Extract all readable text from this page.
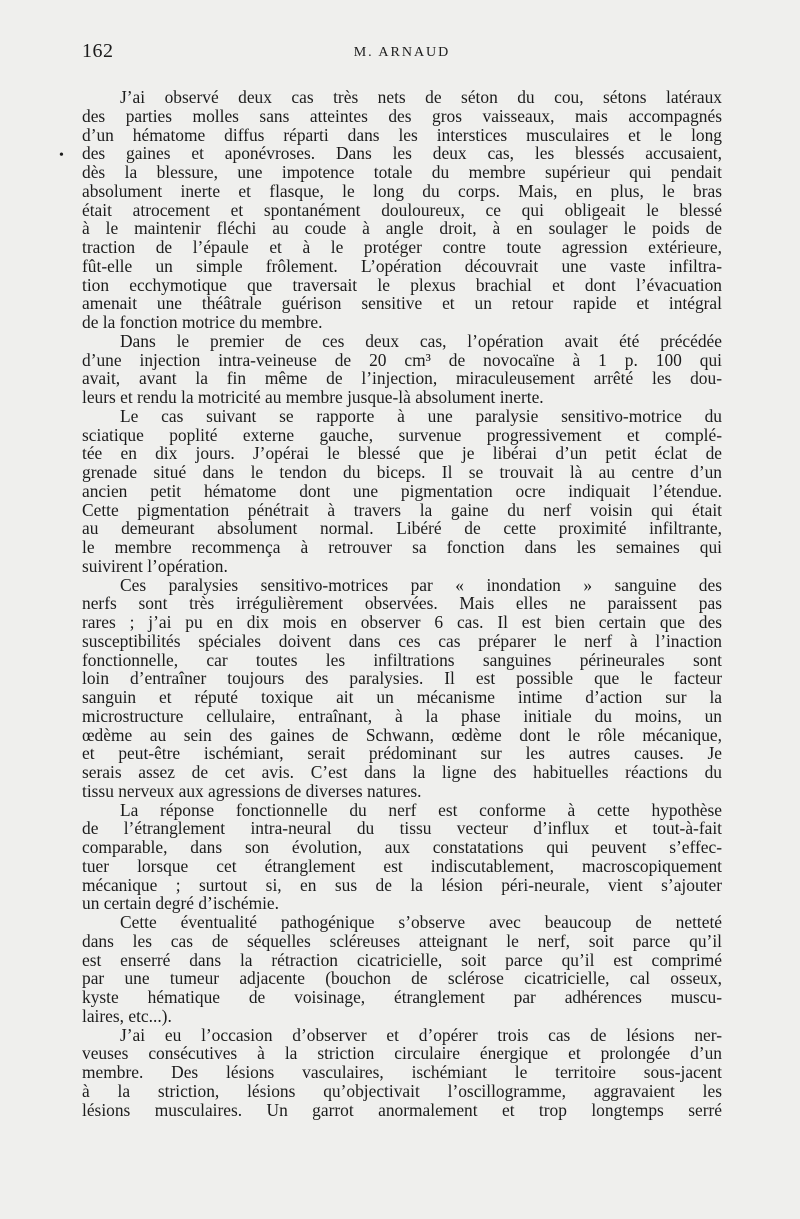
162	M. ARNAUD
•

J’ai observé deux cas très nets de séton du cou, sétons latéraux
des parties molles sans atteintes des gros vaisseaux, mais accompagnés
d’un hématome diffus réparti dans les interstices musculaires et le long
des gaines et aponévroses. Dans les deux cas, les blessés accusaient,
dès la blessure, une impotence totale du membre supérieur qui pendait
absolument inerte et flasque, le long du corps. Mais, en plus, le bras
était atrocement et spontanément douloureux, ce qui obligeait le blessé
à le maintenir fléchi au coude à angle droit, à en soulager le poids de
traction de l’épaule et à le protéger contre toute agression extérieure,
fût-elle un simple frôlement. L’opération découvrait une vaste infiltra-
tion ecchymotique que traversait le plexus brachial et dont l’évacuation
amenait une théâtrale guérison sensitive et un retour rapide et intégral
de la fonction motrice du membre.

Dans le premier de ces deux cas, l’opération avait été précédée
d’une injection intra-veineuse de 20 cm³ de novocaïne à 1 p. 100 qui
avait, avant la fin même de l’injection, miraculeusement arrêté les dou-
leurs et rendu la motricité au membre jusque-là absolument inerte.

Le cas suivant se rapporte à une paralysie sensitivo-motrice du
sciatique poplité externe gauche, survenue progressivement et complé-
tée en dix jours. J’opérai le blessé que je libérai d’un petit éclat de
grenade situé dans le tendon du biceps. Il se trouvait là au centre d’un
ancien petit hématome dont une pigmentation ocre indiquait l’étendue.
Cette pigmentation pénétrait à travers la gaine du nerf voisin qui était
au demeurant absolument normal. Libéré de cette proximité infiltrante,
le membre recommença à retrouver sa fonction dans les semaines qui
suivirent l’opération.

Ces paralysies sensitivo-motrices par « inondation » sanguine des
nerfs sont très irrégulièrement observées. Mais elles ne paraissent pas
rares ; j’ai pu en dix mois en observer 6 cas. Il est bien certain que des
susceptibilités spéciales doivent dans ces cas préparer le nerf à l’inaction
fonctionnelle, car toutes les infiltrations sanguines périneurales sont
loin d’entraîner toujours des paralysies. Il est possible que le facteur
sanguin et réputé toxique ait un mécanisme intime d’action sur la
microstructure cellulaire, entraînant, à la phase initiale du moins, un
œdème au sein des gaines de Schwann, œdème dont le rôle mécanique,
et peut-être ischémiant, serait prédominant sur les autres causes. Je
serais assez de cet avis. C’est dans la ligne des habituelles réactions du
tissu nerveux aux agressions de diverses natures.

La réponse fonctionnelle du nerf est conforme à cette hypothèse
de l’étranglement intra-neural du tissu vecteur d’influx et tout-à-fait
comparable, dans son évolution, aux constatations qui peuvent s’effec-
tuer lorsque cet étranglement est indiscutablement, macroscopiquement
mécanique ; surtout si, en sus de la lésion péri-neurale, vient s’ajouter
un certain degré d’ischémie.

Cette éventualité pathogénique s’observe avec beaucoup de netteté
dans les cas de séquelles scléreuses atteignant le nerf, soit parce qu’il
est enserré dans la rétraction cicatricielle, soit parce qu’il est comprimé
par une tumeur adjacente (bouchon de sclérose cicatricielle, cal osseux,
kyste hématique de voisinage, étranglement par adhérences muscu-
laires, etc...).

J’ai eu l’occasion d’observer et d’opérer trois cas de lésions ner-
veuses consécutives à la striction circulaire énergique et prolongée d’un
membre. Des lésions vasculaires, ischémiant le territoire sous-jacent
à la striction, lésions qu’objectivait l’oscillogramme, aggravaient les
lésions musculaires. Un garrot anormalement et trop longtemps serré
